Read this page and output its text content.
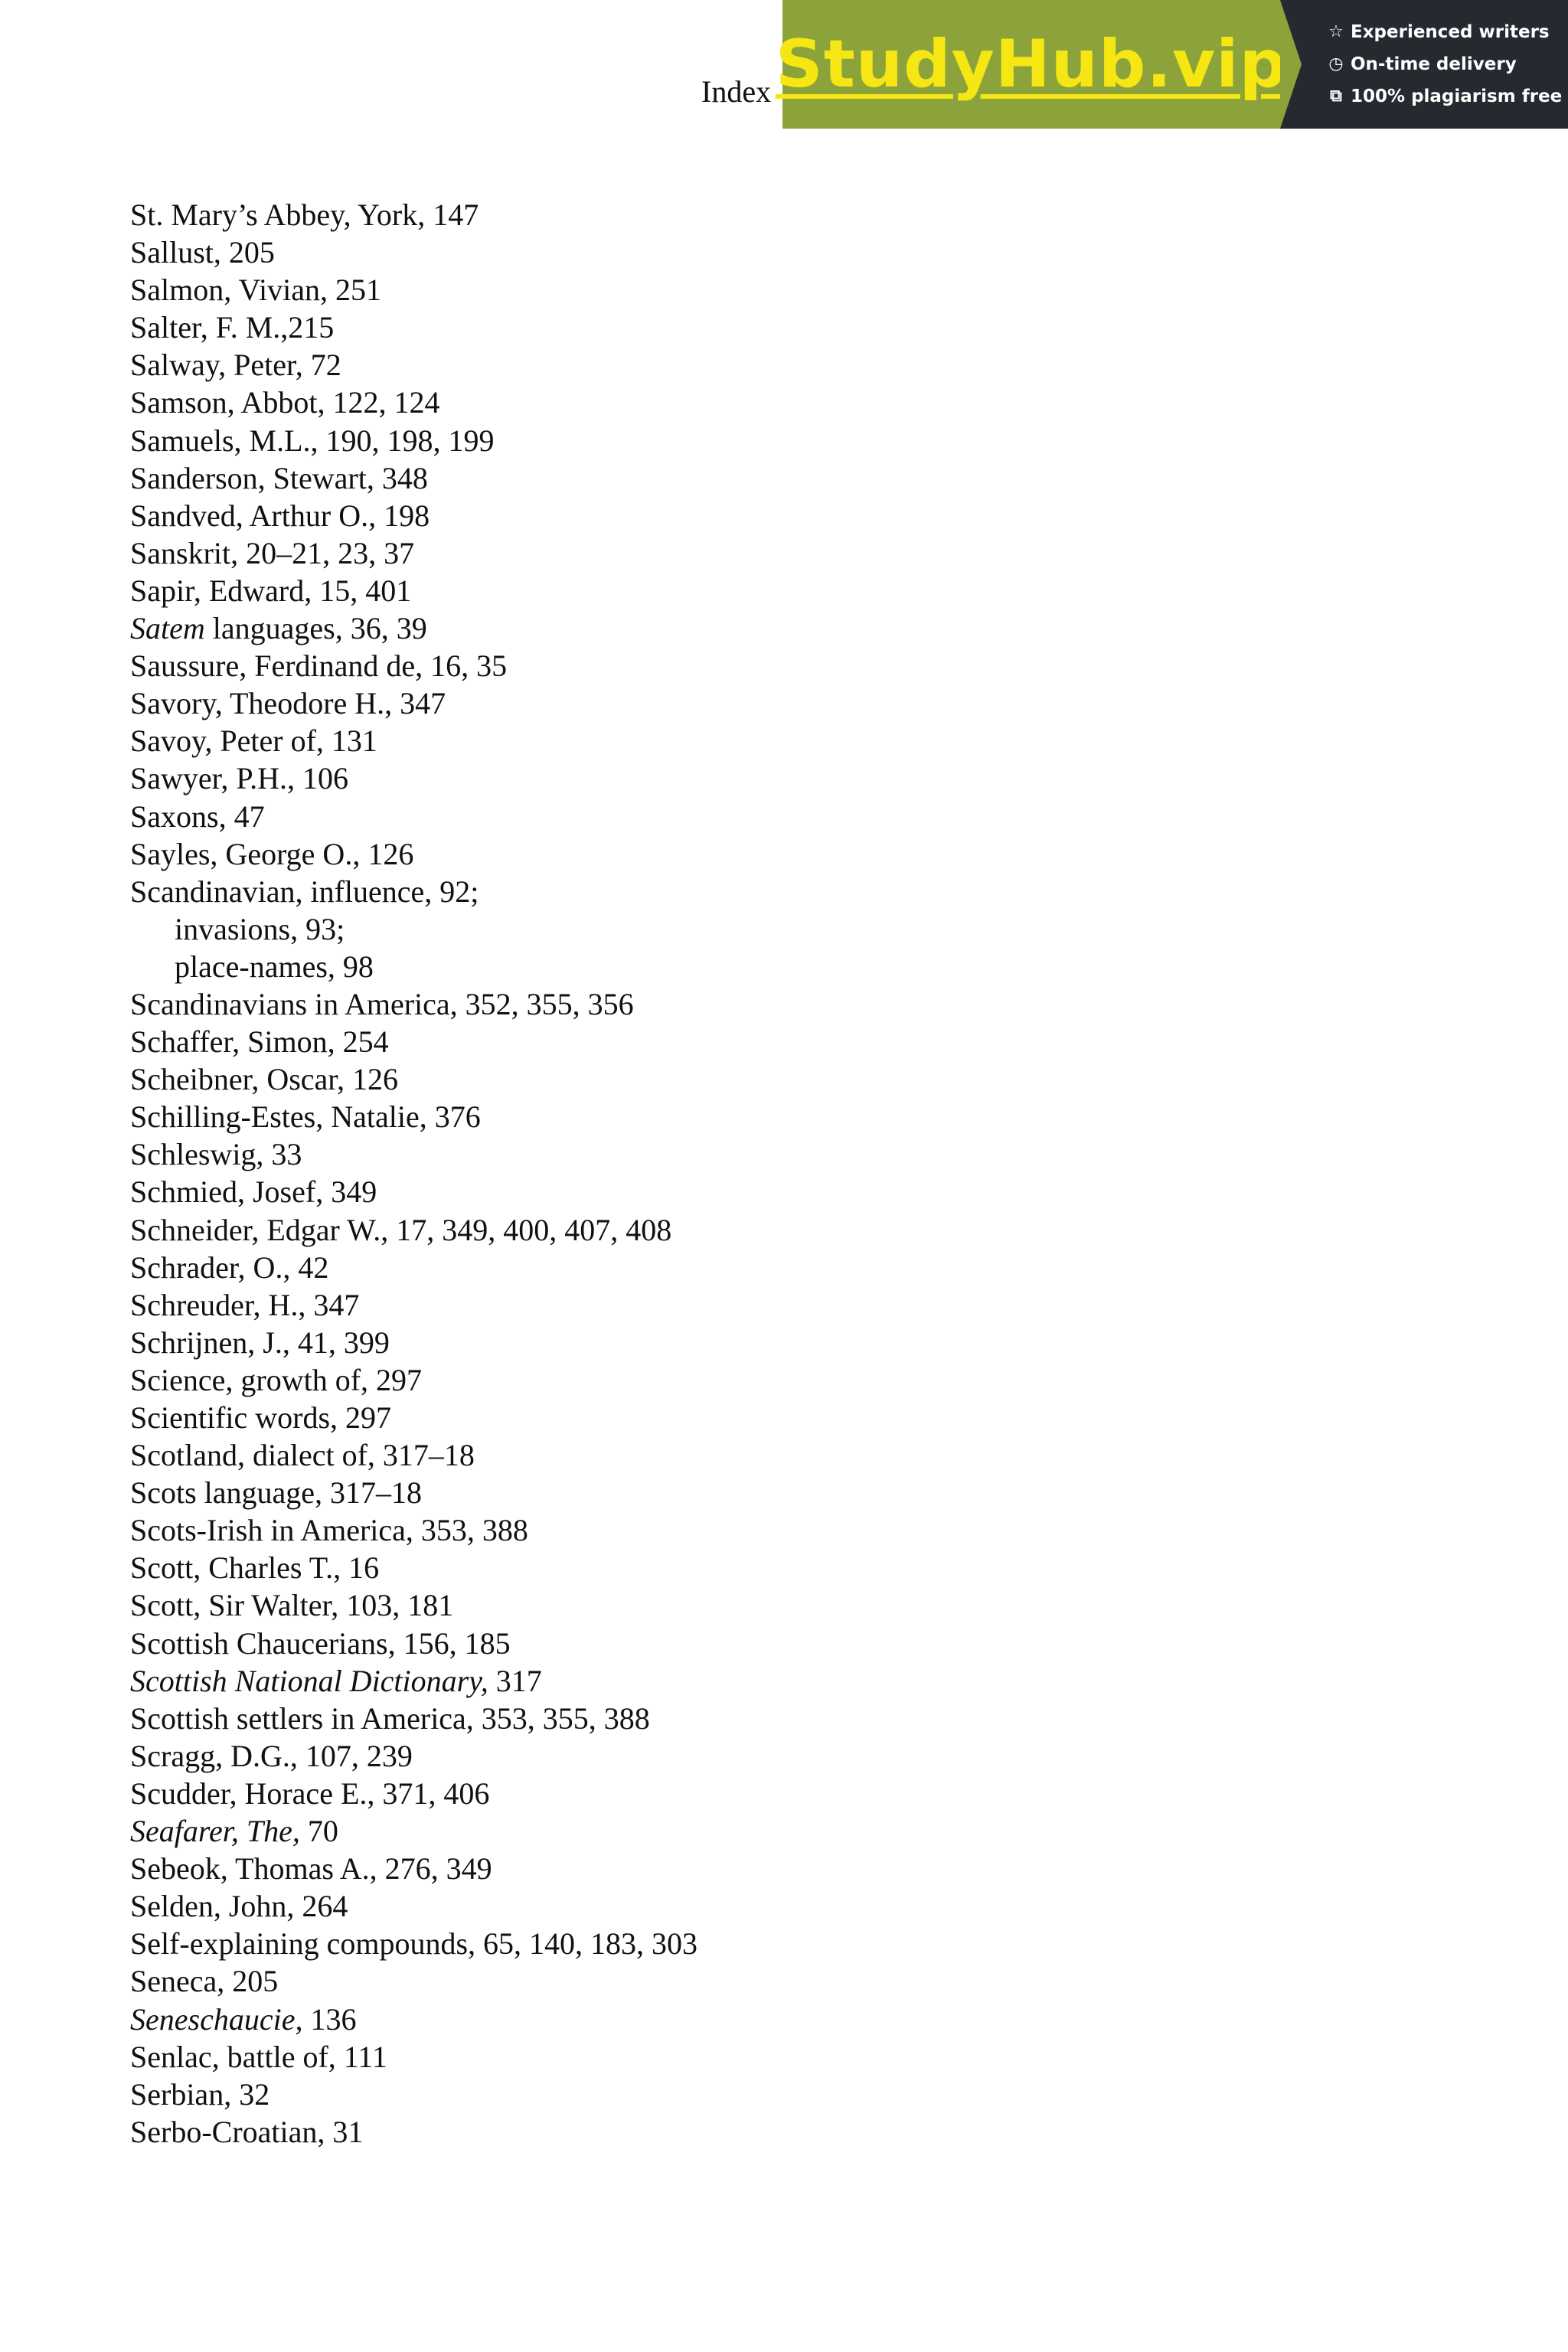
Index StudyHub.vip ☆ Experienced writers
◷ On-time delivery
⧉ 100% plagiarism free
St. Mary’s Abbey, York, 147
Sallust, 205
Salmon, Vivian, 251
Salter, F. M.,215
Salway, Peter, 72
Samson, Abbot, 122, 124
Samuels, M.L., 190, 198, 199
Sanderson, Stewart, 348
Sandved, Arthur O., 198
Sanskrit, 20–21, 23, 37
Sapir, Edward, 15, 401
Satem languages, 36, 39
Saussure, Ferdinand de, 16, 35
Savory, Theodore H., 347
Savoy, Peter of, 131
Sawyer, P.H., 106
Saxons, 47
Sayles, George O., 126
Scandinavian, influence, 92;
invasions, 93;
place-names, 98
Scandinavians in America, 352, 355, 356
Schaffer, Simon, 254
Scheibner, Oscar, 126
Schilling-Estes, Natalie, 376
Schleswig, 33
Schmied, Josef, 349
Schneider, Edgar W., 17, 349, 400, 407, 408
Schrader, O., 42
Schreuder, H., 347
Schrijnen, J., 41, 399
Science, growth of, 297
Scientific words, 297
Scotland, dialect of, 317–18
Scots language, 317–18
Scots-Irish in America, 353, 388
Scott, Charles T., 16
Scott, Sir Walter, 103, 181
Scottish Chaucerians, 156, 185
Scottish National Dictionary, 317
Scottish settlers in America, 353, 355, 388
Scragg, D.G., 107, 239
Scudder, Horace E., 371, 406
Seafarer, The, 70
Sebeok, Thomas A., 276, 349
Selden, John, 264
Self-explaining compounds, 65, 140, 183, 303
Seneca, 205
Seneschaucie, 136
Senlac, battle of, 111
Serbian, 32
Serbo-Croatian, 31
